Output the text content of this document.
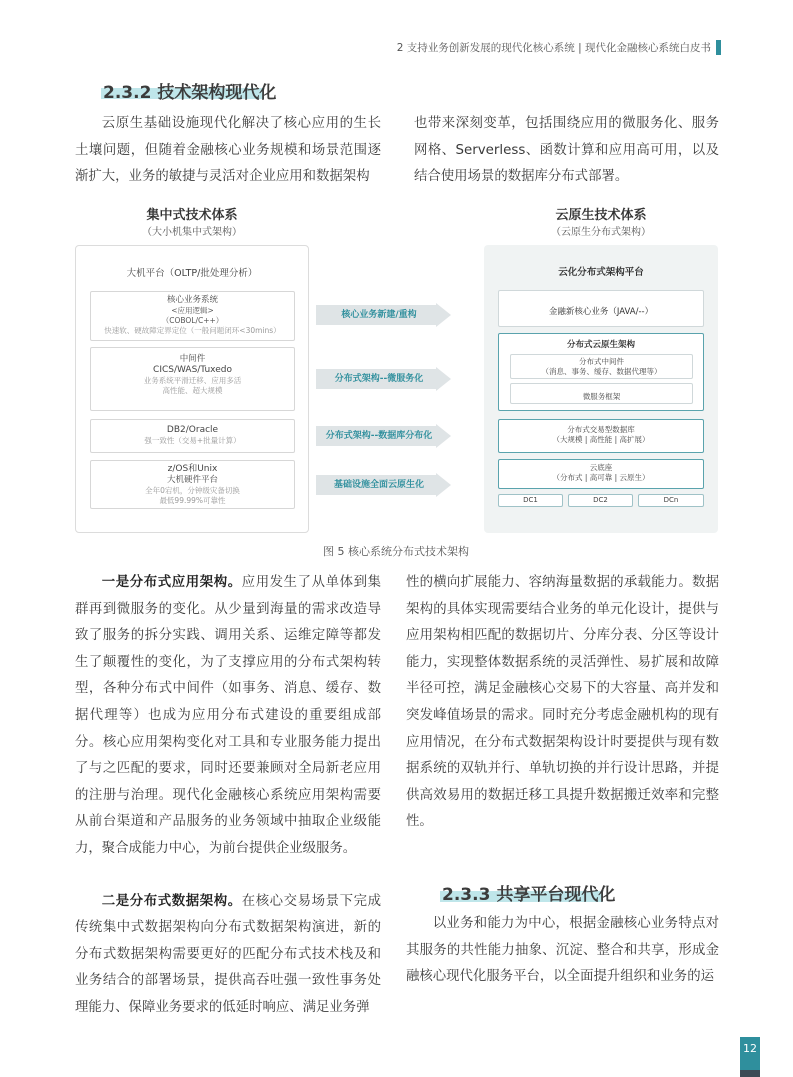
2 支持业务创新发展的现代化核心系统 | 现代化金融核心系统白皮书
2.3.2 技术架构现代化

云原生基础设施现代化解决了核心应用的生长土壤问题，但随着金融核心业务规模和场景范围逐渐扩大，业务的敏捷与灵活对企业应用和数据架构

也带来深刻变革，包括围绕应用的微服务化、服务网格、Serverless、函数计算和应用高可用，以及结合使用场景的数据库分布式部署。

集中式技术体系
（大小机集中式架构）
云原生技术体系
（云原生分布式架构）
大机平台（OLTP/批处理分析）
核心业务系统
<应用逻辑>
（COBOL/C++）
快速软、硬故障定界定位（一般问题闭环<30mins）
中间件
CICS/WAS/Tuxedo
业务系统平滑迁移、应用多活
高性能、超大规模
DB2/Oracle
强一致性（交易+批量计算）
z/OS和Unix
大机硬件平台
全年0宕机，分钟级灾备切换
最低99.99%可靠性
核心业务新建/重构
分布式架构--微服务化
分布式架构--数据库分布化
基础设施全面云原生化
云化分布式架构平台
金融新核心业务（JAVA/--）
分布式云原生架构
分布式中间件
（消息、事务、缓存、数据代理等）
微服务框架
分布式交易型数据库
（大规模 | 高性能 | 高扩展）
云底座
（分布式 | 高可靠 | 云原生）
DC1	DC2	DCn
图 5 核心系统分布式技术架构

一是分布式应用架构。应用发生了从单体到集群再到微服务的变化。从少量到海量的需求改造导致了服务的拆分实践、调用关系、运维定障等都发生了颠覆性的变化，为了支撑应用的分布式架构转型，各种分布式中间件（如事务、消息、缓存、数据代理等）也成为应用分布式建设的重要组成部分。核心应用架构变化对工具和专业服务能力提出了与之匹配的要求，同时还要兼顾对全局新老应用的注册与治理。现代化金融核心系统应用架构需要从前台渠道和产品服务的业务领域中抽取企业级能力，聚合成能力中心，为前台提供企业级服务。

二是分布式数据架构。在核心交易场景下完成传统集中式数据架构向分布式数据架构演进，新的分布式数据架构需要更好的匹配分布式技术栈及和业务结合的部署场景，提供高吞吐强一致性事务处理能力、保障业务要求的低延时响应、满足业务弹

性的横向扩展能力、容纳海量数据的承载能力。数据架构的具体实现需要结合业务的单元化设计，提供与应用架构相匹配的数据切片、分库分表、分区等设计能力，实现整体数据系统的灵活弹性、易扩展和故障半径可控，满足金融核心交易下的大容量、高并发和突发峰值场景的需求。同时充分考虑金融机构的现有应用情况，在分布式数据架构设计时要提供与现有数据系统的双轨并行、单轨切换的并行设计思路，并提供高效易用的数据迁移工具提升数据搬迁效率和完整性。

2.3.3 共享平台现代化

以业务和能力为中心，根据金融核心业务特点对其服务的共性能力抽象、沉淀、整合和共享，形成金融核心现代化服务平台，以全面提升组织和业务的运

12
